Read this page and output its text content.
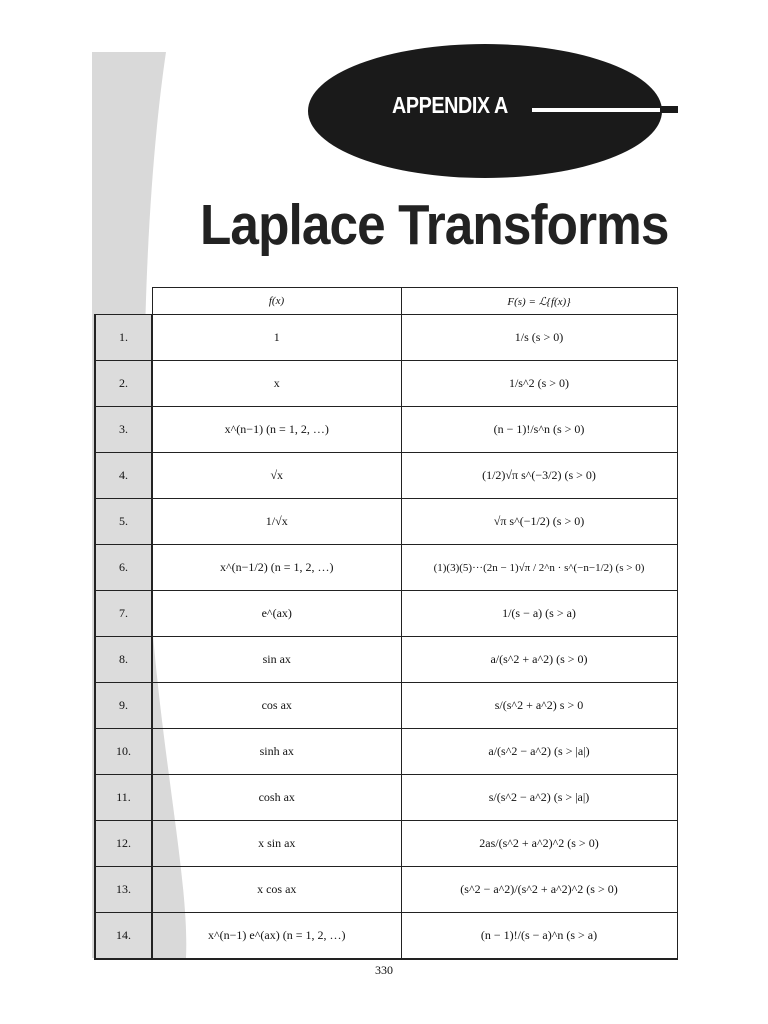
APPENDIX A
Laplace Transforms
	f(x)	F(s) = ℒ{f(x)}
1.	1	1/s (s > 0)
2.	x	1/s^2 (s > 0)
3.	x^(n−1) (n = 1, 2, …)	(n − 1)!/s^n (s > 0)
4.	√x	(1/2)√π s^(−3/2) (s > 0)
5.	1/√x	√π s^(−1/2) (s > 0)
6.	x^(n−1/2) (n = 1, 2, …)	(1)(3)(5)···(2n − 1)√π / 2^n · s^(−n−1/2) (s > 0)
7.	e^(ax)	1/(s − a) (s > a)
8.	sin ax	a/(s^2 + a^2) (s > 0)
9.	cos ax	s/(s^2 + a^2) s > 0
10.	sinh ax	a/(s^2 − a^2) (s > |a|)
11.	cosh ax	s/(s^2 − a^2) (s > |a|)
12.	x sin ax	2as/(s^2 + a^2)^2 (s > 0)
13.	x cos ax	(s^2 − a^2)/(s^2 + a^2)^2 (s > 0)
14.	x^(n−1) e^(ax) (n = 1, 2, …)	(n − 1)!/(s − a)^n (s > a)
330
